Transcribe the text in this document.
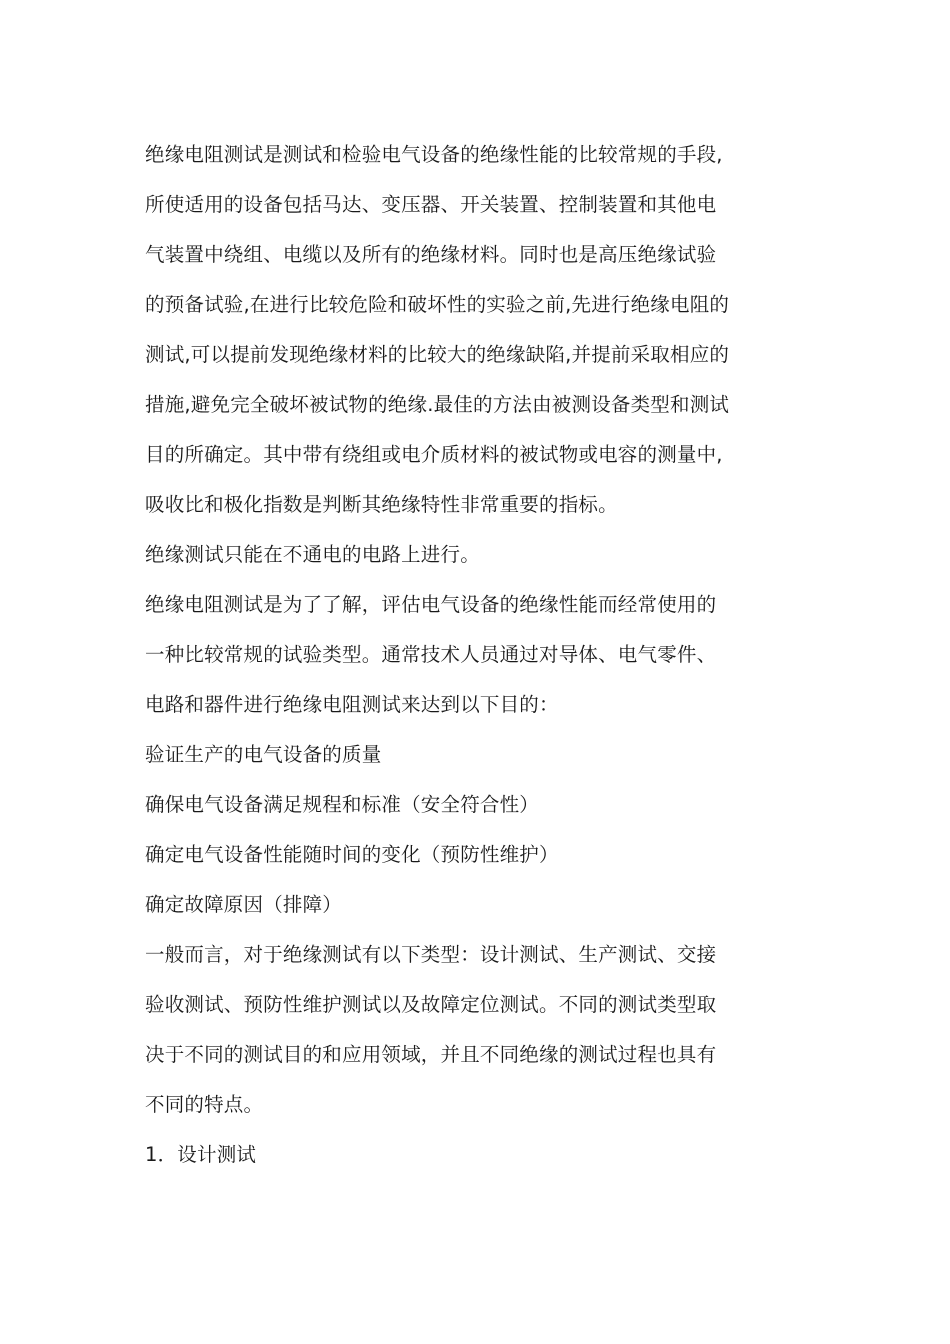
绝缘电阻测试是测试和检验电气设备的绝缘性能的比较常规的手段,
所使适用的设备包括马达、变压器、开关装置、控制装置和其他电
气装置中绕组、电缆以及所有的绝缘材料。同时也是高压绝缘试验
的预备试验,在进行比较危险和破坏性的实验之前,先进行绝缘电阻的
测试,可以提前发现绝缘材料的比较大的绝缘缺陷,并提前采取相应的
措施,避免完全破坏被试物的绝缘.最佳的方法由被测设备类型和测试
目的所确定。其中带有绕组或电介质材料的被试物或电容的测量中,
吸收比和极化指数是判断其绝缘特性非常重要的指标。

绝缘测试只能在不通电的电路上进行。

绝缘电阻测试是为了了解，评估电气设备的绝缘性能而经常使用的
一种比较常规的试验类型。通常技术人员通过对导体、电气零件、
电路和器件进行绝缘电阻测试来达到以下目的：

验证生产的电气设备的质量

确保电气设备满足规程和标准（安全符合性）

确定电气设备性能随时间的变化（预防性维护）

确定故障原因（排障）

一般而言，对于绝缘测试有以下类型：设计测试、生产测试、交接
验收测试、预防性维护测试以及故障定位测试。不同的测试类型取
决于不同的测试目的和应用领域，并且不同绝缘的测试过程也具有
不同的特点。

1．设计测试
